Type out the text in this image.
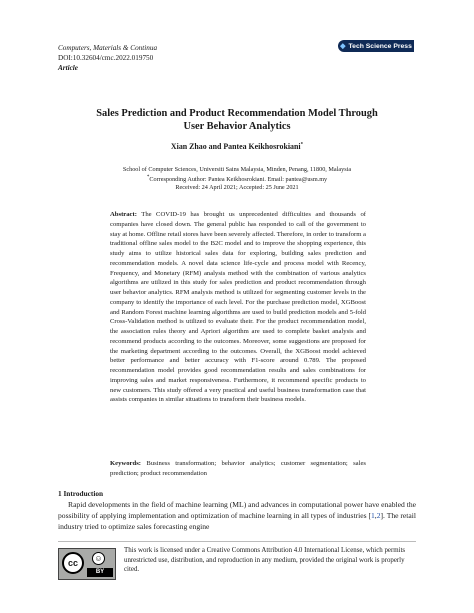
Computers, Materials & Continua
DOI:10.32604/cmc.2022.019750
Article
◆ Tech Science Press
Sales Prediction and Product Recommendation Model Through
User Behavior Analytics
Xian Zhao and Pantea Keikhosrokiani*
School of Computer Sciences, Universiti Sains Malaysia, Minden, Penang, 11800, Malaysia
*Corresponding Author: Pantea Keikhosrokiani. Email: pantea@usm.my
Received: 24 April 2021; Accepted: 25 June 2021
Abstract: The COVID-19 has brought us unprecedented difficulties and thousands of companies have closed down. The general public has responded to call of the government to stay at home. Offline retail stores have been severely affected. Therefore, in order to transform a traditional offline sales model to the B2C model and to improve the shopping experience, this study aims to utilize historical sales data for exploring, building sales prediction and recommendation models. A novel data science life-cycle and process model with Recency, Frequency, and Monetary (RFM) analysis method with the combination of various analytics algorithms are utilized in this study for sales prediction and product recommendation through user behavior analytics. RFM analysis method is utilized for segmenting customer levels in the company to identify the importance of each level. For the purchase prediction model, XGBoost and Random Forest machine learning algorithms are used to build prediction models and 5-fold Cross-Validation method is utilized to evaluate their. For the product recommendation model, the association rules theory and Apriori algorithm are used to complete basket analysis and recommend products according to the outcomes. Moreover, some suggestions are proposed for the marketing department according to the outcomes. Overall, the XGBoost model achieved better performance and better accuracy with F1-score around 0.789. The proposed recommendation model provides good recommendation results and sales combinations for improving sales and market responsiveness. Furthermore, it recommend specific products to new customers. This study offered a very practical and useful business transformation case that assists companies in similar situations to transform their business models.
Keywords: Business transformation; behavior analytics; customer segmentation; sales prediction; product recommendation
1 Introduction
Rapid developments in the field of machine learning (ML) and advances in computational power have enabled the possibility of applying implementation and optimization of machine learning in all types of industries [1,2]. The retail industry tried to optimize sales forecasting engine
cc	☺
BY
This work is licensed under a Creative Commons Attribution 4.0 International License, which permits unrestricted use, distribution, and reproduction in any medium, provided the original work is properly cited.
